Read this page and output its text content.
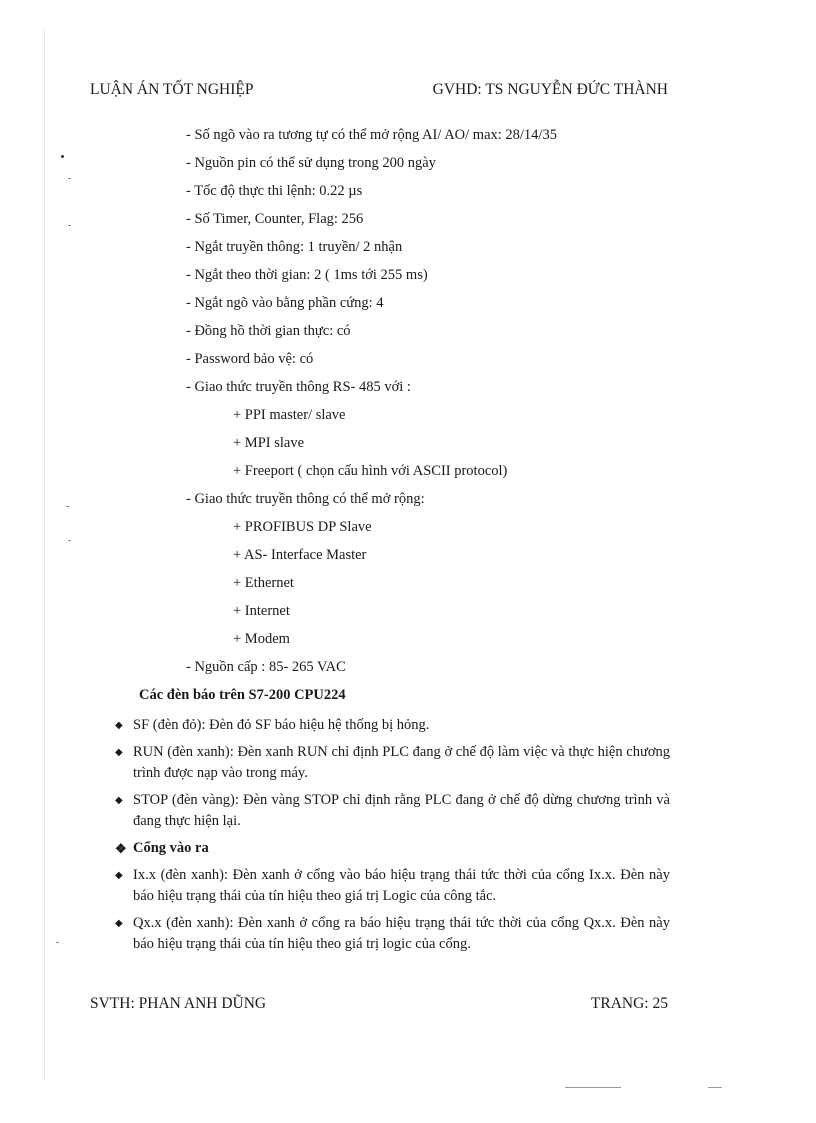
LUẬN ÁN TỐT NGHIỆP	GVHD: TS NGUYỄN ĐỨC THÀNH
- Số ngõ vào ra tương tự có thể mở rộng AI/ AO/ max: 28/14/35
- Nguồn pin có thể sử dụng trong 200 ngày
- Tốc độ thực thi lệnh: 0.22 µs
- Số Timer, Counter, Flag: 256
- Ngắt truyền thông: 1 truyền/ 2 nhận
- Ngắt theo thời gian: 2 ( 1ms tới 255 ms)
- Ngắt ngõ vào bằng phần cứng: 4
- Đồng hồ thời gian thực: có
- Password bảo vệ: có
- Giao thức truyền thông RS- 485 với :
+ PPI master/ slave
+ MPI slave
+ Freeport ( chọn cấu hình với ASCII protocol)
- Giao thức truyền thông có thể mở rộng:
+ PROFIBUS DP Slave
+ AS- Interface Master
+ Ethernet
+ Internet
+ Modem
- Nguồn cấp : 85- 265 VAC
Các đèn báo trên S7-200 CPU224
◆ SF (đèn đỏ): Đèn đỏ SF báo hiệu hệ thống bị hỏng.
◆ RUN (đèn xanh): Đèn xanh RUN chỉ định PLC đang ở chế độ làm việc và thực hiện chương trình được nạp vào trong máy.
◆ STOP (đèn vàng): Đèn vàng STOP chỉ định rằng PLC đang ở chế độ dừng chương trình và đang thực hiện lại.
❖ Cổng vào ra
◆ Ix.x (đèn xanh): Đèn xanh ở cổng vào báo hiệu trạng thái tức thời của cổng Ix.x. Đèn này báo hiệu trạng thái của tín hiệu theo giá trị Logic của công tắc.
◆ Qx.x (đèn xanh): Đèn xanh ở cổng ra báo hiệu trạng thái tức thời của cổng Qx.x. Đèn này báo hiệu trạng thái của tín hiệu theo giá trị logic của cổng.
SVTH: PHAN ANH DŨNG	TRANG: 25
